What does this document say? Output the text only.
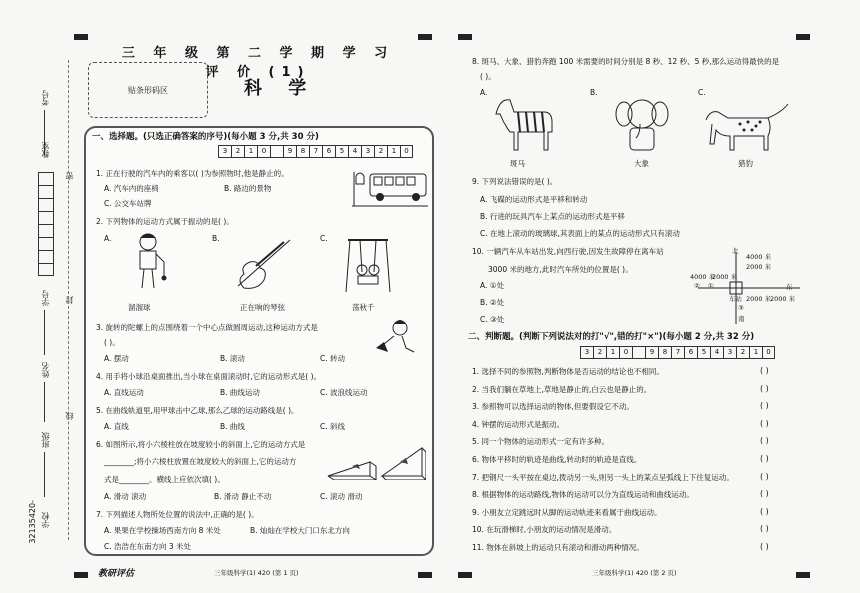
考号
教室
学号
姓名
班级
学校
32135420-
密
封
线
三 年 级 第 二 学 期 学 习 评 价 (1)
贴条形码区	科 学
一、选择题。(只选正确答案的序号)(每小题 3 分,共 30 分)
3	2	1	0	9	8	7	6	5	4	3	2	1	0
1. 正在行驶的汽车内的乘客以( )为参照物时,他是静止的。
A. 汽车内的座椅	B. 路边的景物
C. 公交车站牌
2. 下列物体的运动方式属于振动的是( )。
A.	B.	C.
溜溜球	正在响的琴弦	荡秋千
3. 旋转的陀螺上的点围绕着一个中心点做圆周运动,这种运动方式是
( )。
A. 摆动	B. 滚动	C. 转动
4. 用手将小球沿桌面推出,当小球在桌面滚动时,它的运动形式是( )。
A. 直线运动	B. 曲线运动	C. 波浪线运动
5. 在曲线轨道里,用甲球击中乙球,那么乙球的运动路线是( )。
A. 直线	B. 曲线	C. 斜线
6. 如图所示,将小六棱柱放在坡度较小的斜面上,它的运动方式是
________;将小六棱柱放置在坡度较大的斜面上,它的运动方
式是________。横线上应依次填( )。
A. 滑动 滚动	B. 滑动 静止不动	C. 滚动 滑动
7. 下列描述人物所处位置的说法中,正确的是( )。
A. 果果在学校操场西南方向 8 米处	B. 灿灿在学校大门口东北方向
C. 浩浩在东南方向 3 米处
8. 斑马、大象、猎豹奔跑 100 米需要的时间分别是 8 秒、12 秒、5 秒,那么运动得最快的是
( )。
A.	B.	C.
斑马	大象	猎豹
9. 下列说法错误的是( )。
A. 飞碟的运动形式是平移和转动
B. 行进的玩具汽车上某点的运动形式是平移
C. 在地上滚动的玻璃球,其表面上的某点的运动形式只有滚动
10. 一辆汽车从车站出发,向西行驶,因发生故障停在离车站
3000 米的地方,此时汽车所处的位置是( )。
A. ①处
B. ②处
C. ③处
北
4000 米
2000 米
4000 米
2000 米
①
②
车站
东
2000 米
2000 米
③
南
二、判断题。(判断下列说法对的打"√",错的打"×")(每小题 2 分,共 32 分)
3	2	1	0	9	8	7	6	5	4	3	2	1	0
1. 选择不同的参照物,判断物体是否运动的结论也不相同。	( )
2. 当我们躺在草地上,草地是静止的,白云也是静止的。	( )
3. 参照物可以选择运动的物体,但要假设它不动。	( )
4. 钟摆的运动形式是振动。	( )
5. 同一个物体的运动形式一定有许多种。	( )
6. 物体平移时的轨迹是曲线,转动时的轨迹是直线。	( )
7. 把钢尺一头平按在桌边,拨动另一头,则另一头上的某点呈弧线上下往复运动。	( )
8. 根据物体的运动路线,物体的运动可以分为直线运动和曲线运动。	( )
9. 小朋友立定跳远时从脚的运动轨迹来看属于曲线运动。	( )
10. 在玩滑梯时,小朋友的运动情况是滑动。	( )
11. 物体在斜坡上的运动只有滚动和滑动两种情况。	( )
教研评估	三年级科学(1) 420 (第 1 页)	三年级科学(1) 420 (第 2 页)
